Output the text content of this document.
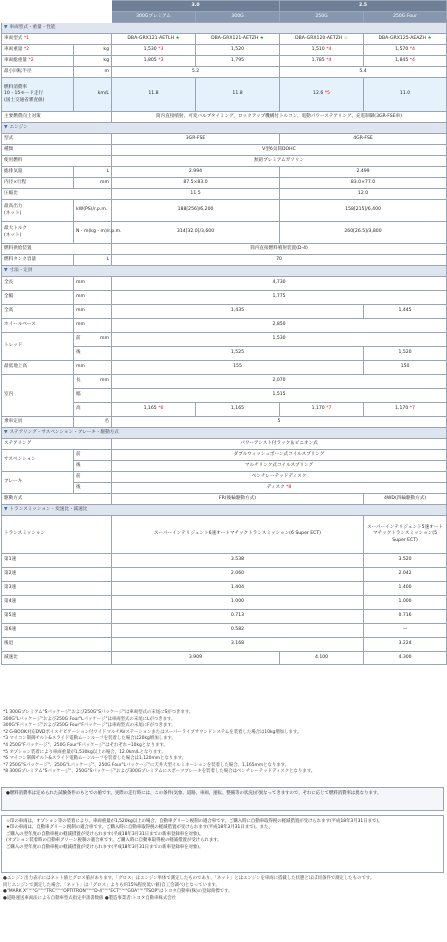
		3.0		2.5	
		300Gプレミアム	300G	250G	250G Four
▼ 車両型式・重量・性能					
車両型式 *1		DBA-GRX121-AETLH ★	DBA-GRX121-AETZH ★	DBA-GRX120-AETZH ☆	DBA-GRX125-AEAZH ★
車両重量 *2	kg	1,530 *3	1,520	1,510 *4	1,570 *4
車両総重量 *2	kg	1,805 *3	1,795	1,785 *4	1,845 *4
最小回転半径	m	5.2		5.4	
燃料消費率
10・15モード走行
(国土交通省審査値)	km/L	11.8	11.8	12.6 *5	11.0
主要燃費向上対策		筒内直接噴射、可変バルブタイミング、ロックアップ機構付トルコン、電動パワーステアリング、充電制御(3GR-FSE車)			
▼ エンジン					
型式		3GR-FSE		4GR-FSE	
種類		V型6気筒DOHC			
使用燃料		無鉛プレミアムガソリン			
総排気量	L	2.994		2.499	
内径×行程	mm	87.5×83.0		83.0×77.0	
圧縮比		11.5		12.0	
最高出力
(ネット)	kW(PS)/r.p.m.	188[256]/6,200		158[215]/6,400	
最大トルク
(ネット)	N・m(kg・m)/r.p.m.	314[32.0]/3,600		260[26.5]/3,800	
燃料供給装置		筒内直接燃料噴射装置(D-4)			
燃料タンク容量	L	70			
▼ 寸法・定員					
全長	mm	4,730			
全幅	mm	1,775			
全高	mm	1,435			1,445
ホイールベース	mm	2,850			
トレッド	前 mm	1,530			
	後	1,525			1,520
最低地上高	mm	155			150
室内	長 mm	2,070			
	幅	1,515			
	高	1,165 *6	1,165	1,170 *7	1,170 *7
乗車定員	名	5			
▼ ステアリング・サスペンション・ブレーキ・駆動方式					
ステアリング		パワーアシスト付ラック＆ピニオン式			
サスペンション	前	ダブルウィッシュボーン式コイルスプリング			
	後	マルチリンク式コイルスプリング			
ブレーキ	前	ベンチレーテッドディスク			
	後	ディスク *8			
駆動方式		FR(後輪駆動方式)			4WD(四輪駆動方式)
▼ トランスミッション・変速比・減速比					
トランスミッション		スーパーインテリジェント6速オートマチックトランスミッション(6 Super ECT)			スーパーインテリジェント5速オートマチックトランスミッション(5 Super ECT)
第1速		3.538			3.520
第2速		2.060			2.042
第3速		1.404			1.400
第4速		1.000			1.000
第5速		0.713			0.716
第6速		0.582			—
後退		3.168			3.224
減速比		3.909		4.100	4.300
*1 300Gプレミアム"Sパッケージ"および250G"Sパッケージ"は車両型式の末尾にSがつきます。
300G"Lパッケージ"および250G Four"Lパッケージ"は車両型式の末尾にLがつきます。
300G"Fパッケージ"および250G Four"Fパッケージ"は車両型式の末尾にFがつきます。
*2 G-BOOK対応DVDボイスナビゲーション付ワイドマルチAVステーションまたはスーパーライブサウンドシステムを装着した場合は10kg増加します。
*3 マイコン制御チルト&スライド電動ムーンルーフを装着した場合は20kg増加します。
*4 250G"Fパッケージ"、250G Four"Fパッケージ"はそれぞれ−10kgとなります。
*5 オプション装着により車両重量が1,530kg以上の場合、12.0km/Lとなります。
*6 マイコン制御チルト&スライド電動ムーンルーフを装着した場合は1,120mmとなります。
*7 250G"Sパッケージ"、250G"Lパッケージ"、250G Four"Lパッケージ"に天井大型イルミネーションを装着した場合、1,165mmとなります。
*8 300Gプレミアム"Sパッケージ"、250G"Sパッケージ"および300Gプレミアムにスポーツブレーキを装着した場合はベンチレーテッドディスクとなります。
●燃料消費率は定められた試験条件のもとでの値です。実際の走行時には、この条件(気象、道路、車両、運転、整備等の状況)が異なってきますので、それに応じて燃料消費率は異なります。
☆印の車両は、オプション等の装着により、車両重量が1,520kg以上の場合、自動車グリーン税制の適合車です。ご購入時に自動車取得税の軽減措置が受けられます(平成18年3月31日まで)。
★印の車両は、自動車グリーン税制の適合車です。ご購入時に自動車取得税の軽減措置が受けられます(平成18年3月31日まで)。また、
ご購入の翌年度の自動車税の軽減措置が受けられます(平成18年3月31日までの新車登録車を対象)。
(オプション装着時の自動車グリーン税制の適合車です。ご購入時に自動車取得税の軽減措置が受けられます。
ご購入の翌年度の自動車税の軽減措置が受けられます(平成18年3月31日までの新車登録車を対象)。
●エンジン出力表示にはネット値とグロス値があります。「グロス」はエンジン単体で測定したものであり、「ネット」とはエンジンを車両に搭載した状態とほぼ同条件で測定したものです。
同じエンジンで測定した場合、「ネット」は「グロス」よりも約15%程度低い値(自工会調べ)となっています。
●"MARK X"™"G"™"TRC"™"OPTITRON"™"D-4"™"ECT"™"GOA"™"TSOP"はトヨタ自動車(株)の登録商標です。
●道路運送車両法による自動車型式指定申請書数値 ●製造事業者:トヨタ自動車株式会社
